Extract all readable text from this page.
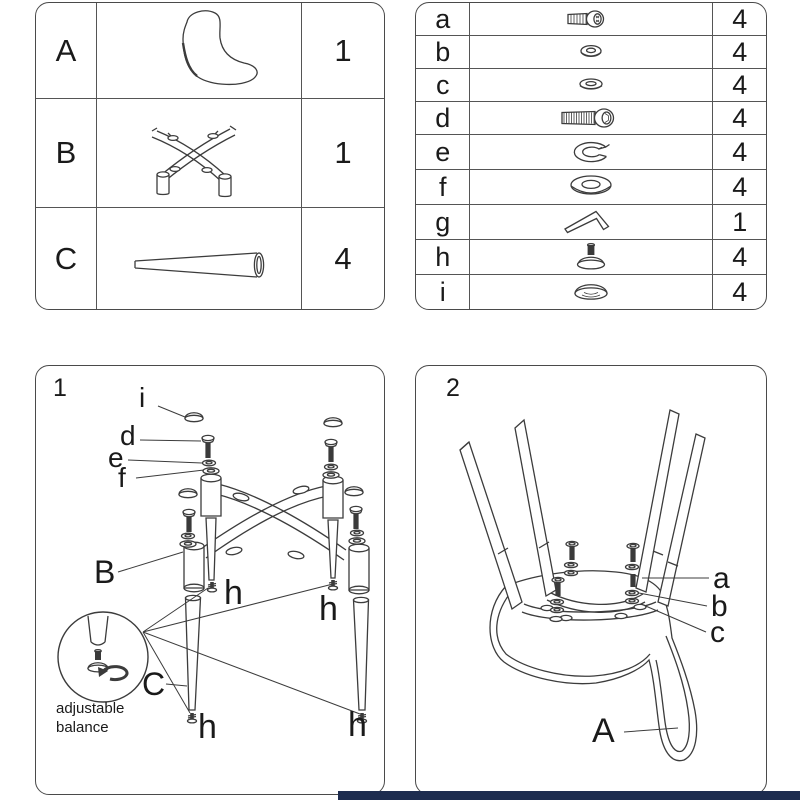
A	1
B	1
C	4
a	4
b	4
c	4
d	4
e	4
f	4
g	1
h	4
i	4
1	i
d
e
f
B
C
h h
h	h
adjustable
balance
2
a
b
c
A
